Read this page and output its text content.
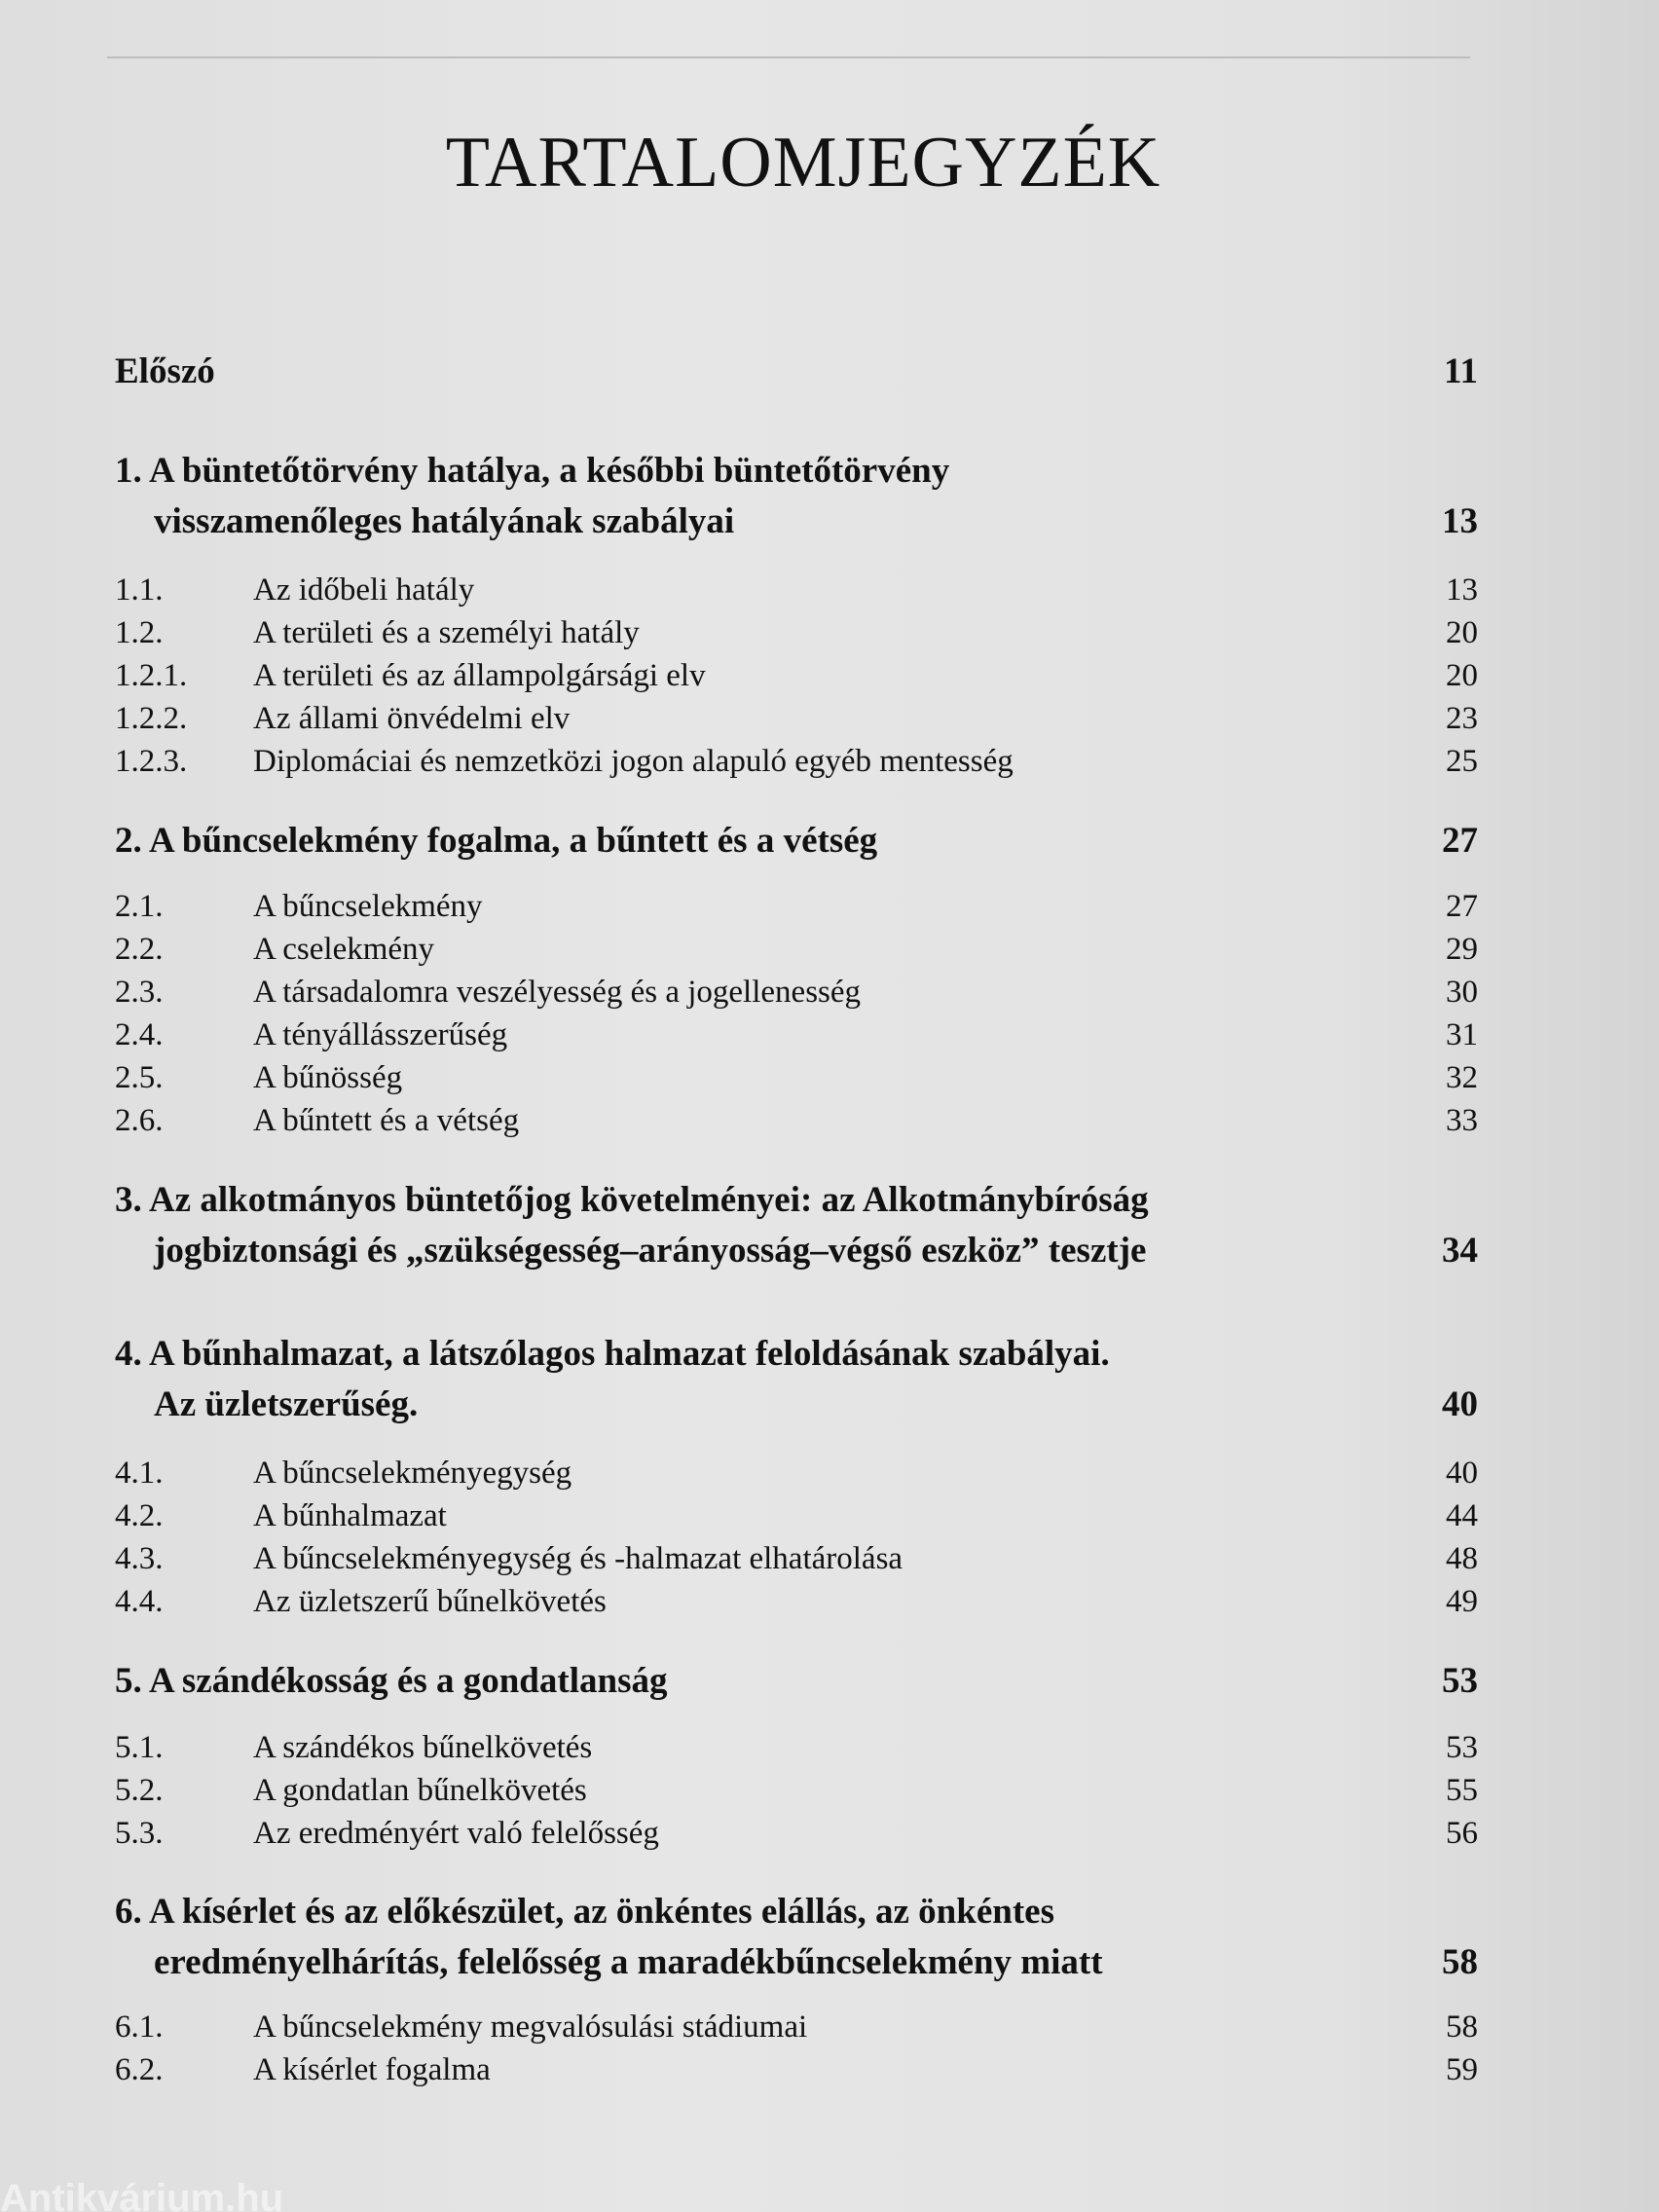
TARTALOMJEGYZÉK
Előszó	11
1. A büntetőtörvény hatálya, a későbbi büntetőtörvény
visszamenőleges hatályának szabályai	13
1.1.	Az időbeli hatály	13
1.2.	A területi és a személyi hatály	20
1.2.1. A területi és az állampolgársági elv	20
1.2.2. Az állami önvédelmi elv	23
1.2.3. Diplomáciai és nemzetközi jogon alapuló egyéb mentesség	25
2. A bűncselekmény fogalma, a bűntett és a vétség	27
2.1.	A bűncselekmény	27
2.2.	A cselekmény	29
2.3.	A társadalomra veszélyesség és a jogellenesség	30
2.4.	A tényállásszerűség	31
2.5.	A bűnösség	32
2.6.	A bűntett és a vétség	33
3. Az alkotmányos büntetőjog követelményei: az Alkotmánybíróság
jogbiztonsági és „szükségesség–arányosság–végső eszköz” tesztje	34
4. A bűnhalmazat, a látszólagos halmazat feloldásának szabályai.
Az üzletszerűség.	40
4.1.	A bűncselekményegység	40
4.2.	A bűnhalmazat	44
4.3.	A bűncselekményegység és -halmazat elhatárolása	48
4.4.	Az üzletszerű bűnelkövetés	49
5. A szándékosság és a gondatlanság	53
5.1.	A szándékos bűnelkövetés	53
5.2.	A gondatlan bűnelkövetés	55
5.3.	Az eredményért való felelősség	56
6. A kísérlet és az előkészület, az önkéntes elállás, az önkéntes
eredményelhárítás, felelősség a maradékbűncselekmény miatt	58
6.1.	A bűncselekmény megvalósulási stádiumai	58
6.2.	A kísérlet fogalma	59
Antikvárium.hu
